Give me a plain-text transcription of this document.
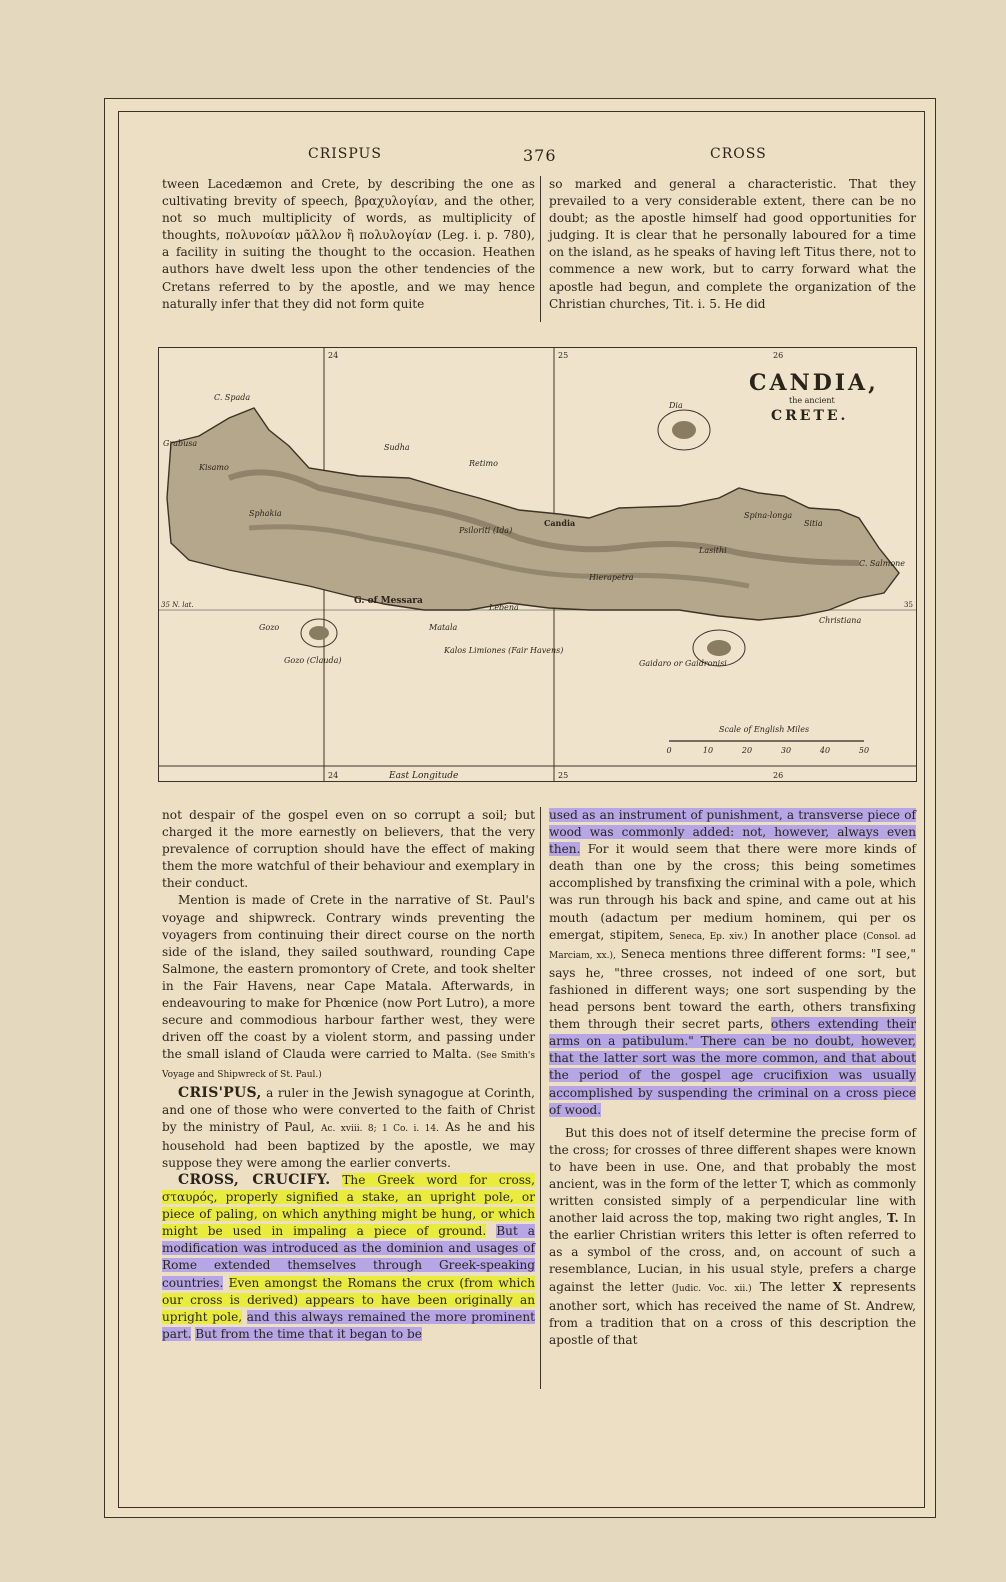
CRISPUS	376	CROSS

tween Lacedæmon and Crete, by describing the one as cultivating brevity of speech, βραχυλογίαν, and the other, not so much multiplicity of words, as multiplicity of thoughts, πολυνοίαν μᾶλλον ἢ πολυλογίαν (Leg. i. p. 780), a facility in suiting the thought to the occasion. Heathen authors have dwelt less upon the other tendencies of the Cretans referred to by the apostle, and we may hence naturally infer that they did not form quite

so marked and general a characteristic. That they prevailed to a very considerable extent, there can be no doubt; as the apostle himself had good opportunities for judging. It is clear that he personally laboured for a time on the island, as he speaks of having left Titus there, not to commence a new work, but to carry forward what the apostle had begun, and complete the organization of the Christian churches, Tit. i. 5. He did

CANDIA,
the ancient
CRETE.
24	25	26
24	East Longitude	25	26
35 N. lat.	35
C. Spada
Grabusa
Kisamo
Sudha
Retimo
Candia
G. of Messara
Gozo
Gozo (Clauda)
Kalos Limiones (Fair Havens)
Matala
Dia
Spina-longa
Sitia
C. Salmone
Christiana
Gaidaro or Gaidronisi
Hierapetra
Sphakia
Psiloriti (Ida)
Lasithi
Lebena
Scale of English Miles
0	10	20	30	40	50

not despair of the gospel even on so corrupt a soil; but charged it the more earnestly on believers, that the very prevalence of corruption should have the effect of making them the more watchful of their behaviour and exemplary in their conduct.

Mention is made of Crete in the narrative of St. Paul's voyage and shipwreck. Contrary winds preventing the voyagers from continuing their direct course on the north side of the island, they sailed southward, rounding Cape Salmone, the eastern promontory of Crete, and took shelter in the Fair Havens, near Cape Matala. Afterwards, in endeavouring to make for Phœnice (now Port Lutro), a more secure and commodious harbour farther west, they were driven off the coast by a violent storm, and passing under the small island of Clauda were carried to Malta. (See Smith's Voyage and Shipwreck of St. Paul.)

CRIS'PUS, a ruler in the Jewish synagogue at Corinth, and one of those who were converted to the faith of Christ by the ministry of Paul, Ac. xviii. 8; 1 Co. i. 14. As he and his household had been baptized by the apostle, we may suppose they were among the earlier converts.

CROSS, CRUCIFY. The Greek word for cross, σταυρός, properly signified a stake, an upright pole, or piece of paling, on which anything might be hung, or which might be used in impaling a piece of ground. But a modification was introduced as the dominion and usages of Rome extended themselves through Greek-speaking countries. Even amongst the Romans the crux (from which our cross is derived) appears to have been originally an upright pole, and this always remained the more prominent part. But from the time that it began to be

used as an instrument of punishment, a transverse piece of wood was commonly added: not, however, always even then. For it would seem that there were more kinds of death than one by the cross; this being sometimes accomplished by transfixing the criminal with a pole, which was run through his back and spine, and came out at his mouth (adactum per medium hominem, qui per os emergat, stipitem, Seneca, Ep. xiv.) In another place (Consol. ad Marciam, xx.), Seneca mentions three different forms: "I see," says he, "three crosses, not indeed of one sort, but fashioned in different ways; one sort suspending by the head persons bent toward the earth, others transfixing them through their secret parts, others extending their arms on a patibulum." There can be no doubt, however, that the latter sort was the more common, and that about the period of the gospel age crucifixion was usually accomplished by suspending the criminal on a cross piece of wood.

But this does not of itself determine the precise form of the cross; for crosses of three different shapes were known to have been in use. One, and that probably the most ancient, was in the form of the letter T, which as commonly written consisted simply of a perpendicular line with another laid across the top, making two right angles, T. In the earlier Christian writers this letter is often referred to as a symbol of the cross, and, on account of such a resemblance, Lucian, in his usual style, prefers a charge against the letter (Judic. Voc. xii.) The letter X represents another sort, which has received the name of St. Andrew, from a tradition that on a cross of this description the apostle of that
